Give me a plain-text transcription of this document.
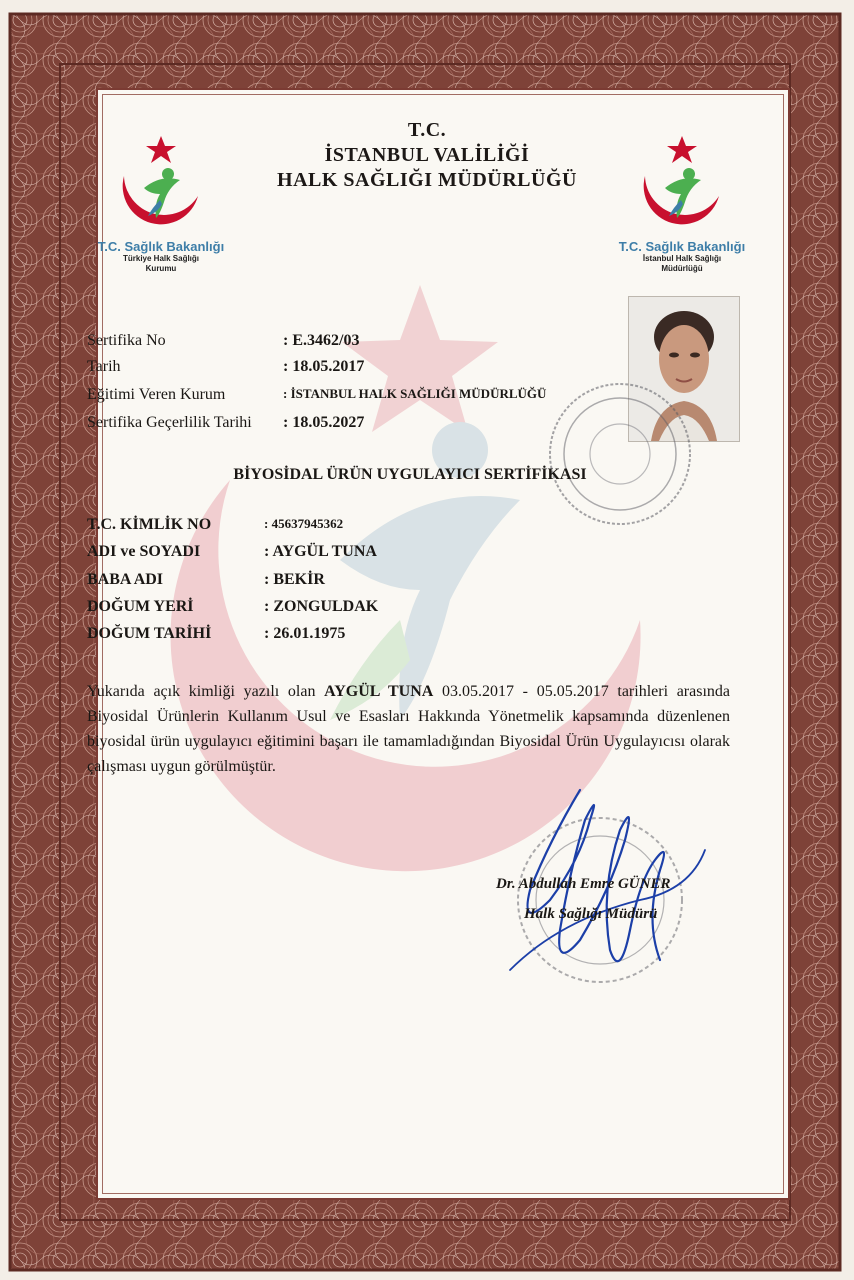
T.C.
İSTANBUL VALİLİĞİ
HALK SAĞLIĞI MÜDÜRLÜĞÜ
T.C. Sağlık Bakanlığı
Türkiye Halk Sağlığı
Kurumu
T.C. Sağlık Bakanlığı
İstanbul Halk Sağlığı
Müdürlüğü
Sertifika No	: E.3462/03
Tarih	: 18.05.2017
Eğitimi Veren Kurum	: İSTANBUL HALK SAĞLIĞI MÜDÜRLÜĞÜ
Sertifika Geçerlilik Tarihi : 18.05.2027
BİYOSİDAL ÜRÜN UYGULAYICI SERTİFİKASI
T.C. KİMLİK NO	: 45637945362
ADI ve SOYADI	: AYGÜL TUNA
BABA ADI	: BEKİR
DOĞUM YERİ	: ZONGULDAK
DOĞUM TARİHİ	: 26.01.1975
Yukarıda açık kimliği yazılı olan AYGÜL TUNA 03.05.2017 - 05.05.2017 tarihleri arasında Biyosidal Ürünlerin Kullanım Usul ve Esasları Hakkında Yönetmelik kapsamında düzenlenen biyosidal ürün uygulayıcı eğitimini başarı ile tamamladığından Biyosidal Ürün Uygulayıcısı olarak çalışması uygun görülmüştür.
Dr. Abdullah Emre GÜNER
Halk Sağlığı Müdürü
